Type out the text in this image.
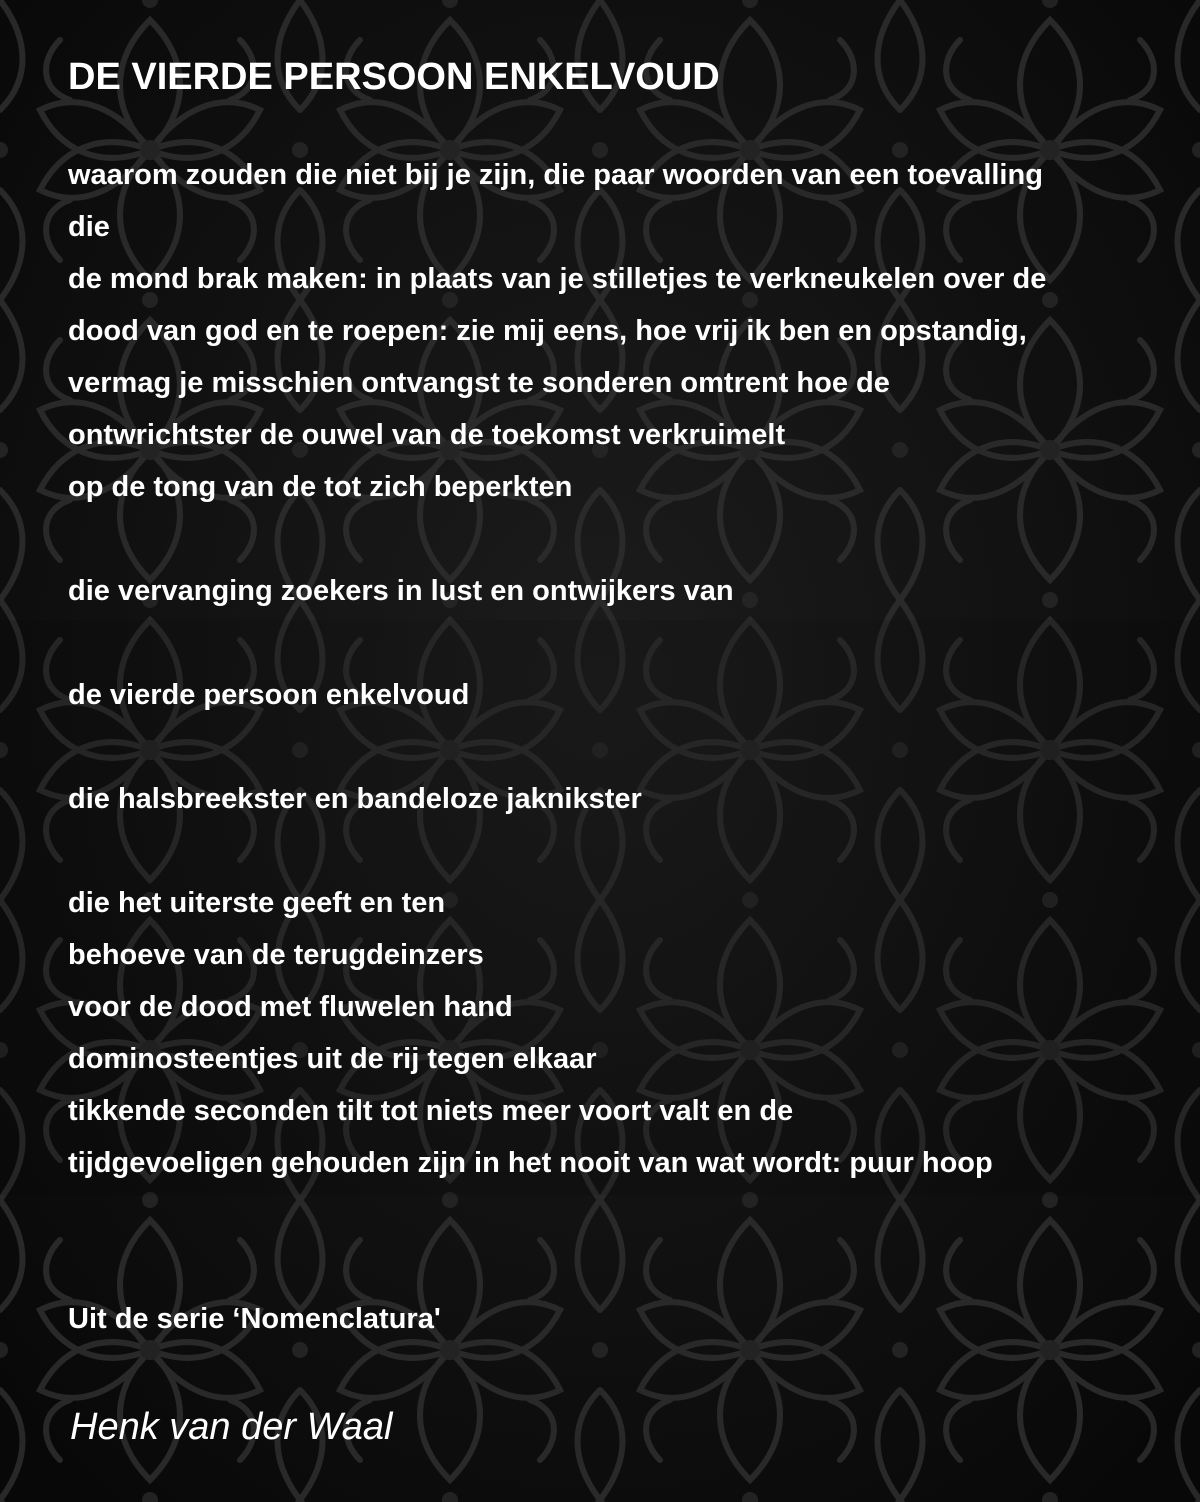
DE VIERDE PERSOON ENKELVOUD

waarom zouden die niet bij je zijn, die paar woorden van een toevalling

die

de mond brak maken: in plaats van je stilletjes te verkneukelen over de

dood van god en te roepen: zie mij eens, hoe vrij ik ben en opstandig,

vermag je misschien ontvangst te sonderen omtrent hoe de

ontwrichtster de ouwel van de toekomst verkruimelt

op de tong van de tot zich beperkten

die vervanging zoekers in lust en ontwijkers van

de vierde persoon enkelvoud

die halsbreekster en bandeloze jaknikster

die het uiterste geeft en ten

behoeve van de terugdeinzers

voor de dood met fluwelen hand

dominosteentjes uit de rij tegen elkaar

tikkende seconden tilt tot niets meer voort valt en de

tijdgevoeligen gehouden zijn in het nooit van wat wordt: puur hoop

Uit de serie ‘Nomenclatura'

Henk van der Waal
